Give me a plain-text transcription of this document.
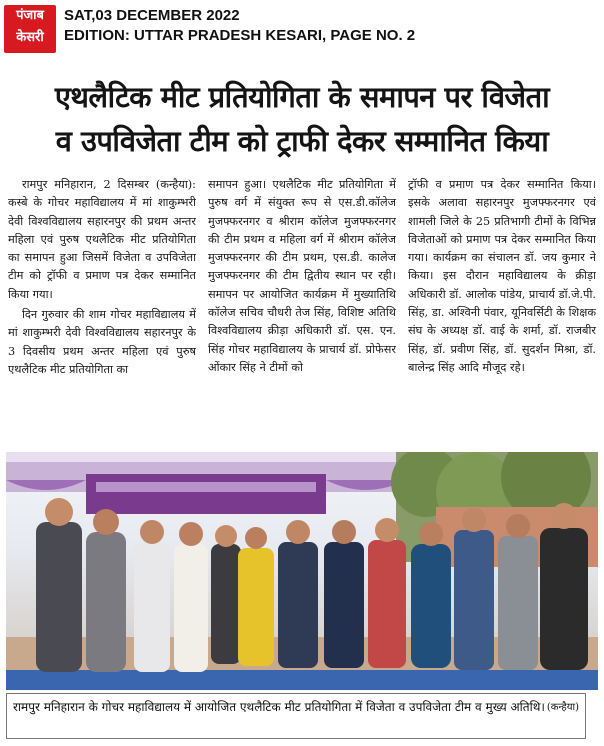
पंजाब
केसरी
SAT,03 DECEMBER 2022
EDITION: UTTAR PRADESH KESARI, PAGE NO. 2
एथलैटिक मीट प्रतियोगिता के समापन पर विजेता
व उपविजेता टीम को ट्राफी देकर सम्मानित किया

रामपुर मनिहारान, 2 दिसम्बर (कन्हैया): कस्बे के गोचर महाविद्यालय में मां शाकुम्भरी देवी विश्वविद्यालय सहारनपुर की प्रथम अन्तर महिला एवं पुरुष एथलैटिक मीट प्रतियोगिता का समापन हुआ जिसमें विजेता व उपविजेता टीम को ट्रॉफी व प्रमाण पत्र देकर सम्मानित किया गया।

दिन गुरुवार की शाम गोचर महाविद्यालय में मां शाकुम्भरी देवी विश्वविद्यालय सहारनपुर के 3 दिवसीय प्रथम अन्तर महिला एवं पुरुष एथलैटिक मीट प्रतियोगिता का

समापन हुआ। एथलैटिक मीट प्रतियोगिता में पुरुष वर्ग में संयुक्त रूप से एस.डी.कॉलेज मुजफ्फरनगर व श्रीराम कॉलेज मुजफ्फरनगर की टीम प्रथम व महिला वर्ग में श्रीराम कॉलेज मुजफ्फरनगर की टीम प्रथम, एस.डी. कालेज मुजफ्फरनगर की टीम द्वितीय स्थान पर रही। समापन पर आयोजित कार्यक्रम में मुख्यातिथि कॉलेज सचिव चौधरी तेज सिंह, विशिष्ट अतिथि विश्वविद्यालय क्रीड़ा अधिकारी डॉ. एस. एन. सिंह गोचर महाविद्यालय के प्राचार्य डॉ. प्रोफेसर ओंकार सिंह ने टीमों को

ट्रॉफी व प्रमाण पत्र देकर सम्मानित किया। इसके अलावा सहारनपुर मुजफ्फरनगर एवं शामली जिले के 25 प्रतिभागी टीमों के विभिन्न विजेताओं को प्रमाण पत्र देकर सम्मानित किया गया। कार्यक्रम का संचालन डॉ. जय कुमार ने किया। इस दौरान महाविद्यालय के क्रीड़ा अधिकारी डॉ. आलोक पांडेय, प्राचार्य डॉ.जे.पी. सिंह, डा. अश्विनी पंवार, यूनिवर्सिटी के शिक्षक संघ के अध्यक्ष डॉ. वाई के शर्मा, डॉ. राजबीर सिंह, डॉ. प्रवीण सिंह, डॉ. सुदर्शन मिश्रा, डॉ. बालेन्द्र सिंह आदि मौजूद रहे।

रामपुर मनिहारान के गोचर महाविद्यालय में आयोजित एथलैटिक मीट प्रतियोगिता में विजेता व उपविजेता टीम व मुख्य अतिथि। (कन्हैया)
